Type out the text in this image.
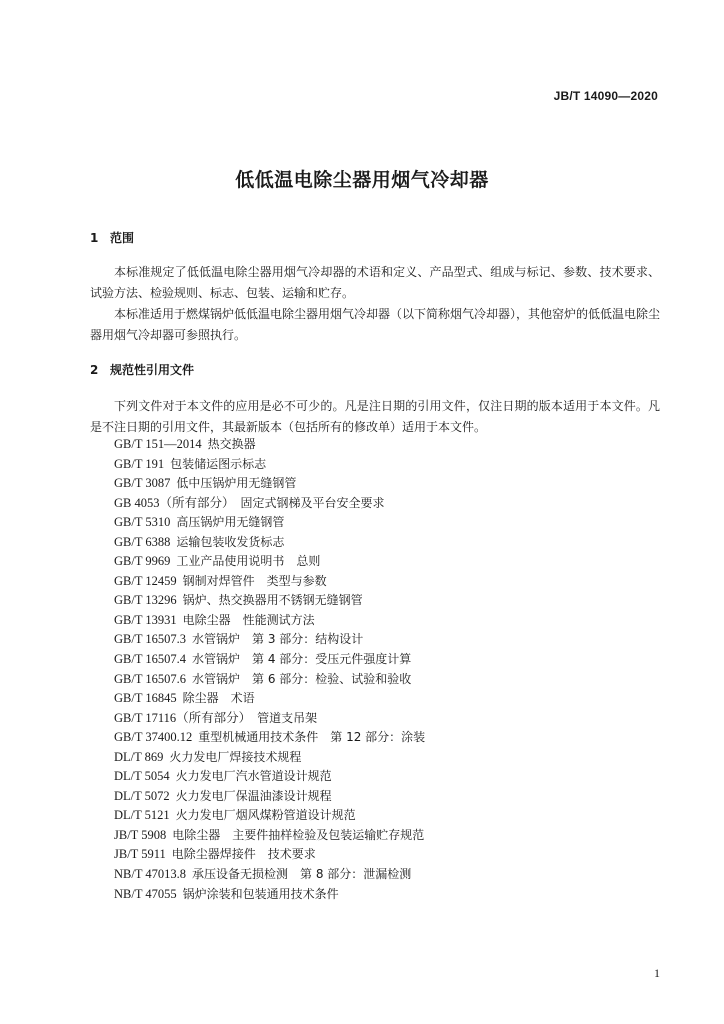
JB/T 14090—2020
低低温电除尘器用烟气冷却器
1 范围

本标准规定了低低温电除尘器用烟气冷却器的术语和定义、产品型式、组成与标记、参数、技术要求、试验方法、检验规则、标志、包装、运输和贮存。

本标准适用于燃煤锅炉低低温电除尘器用烟气冷却器（以下简称烟气冷却器），其他窑炉的低低温电除尘器用烟气冷却器可参照执行。

2 规范性引用文件

下列文件对于本文件的应用是必不可少的。凡是注日期的引用文件，仅注日期的版本适用于本文件。凡是不注日期的引用文件，其最新版本（包括所有的修改单）适用于本文件。

GB/T 151—2014 热交换器
GB/T 191 包装储运图示标志
GB/T 3087 低中压锅炉用无缝钢管
GB 4053（所有部分） 固定式钢梯及平台安全要求
GB/T 5310 高压锅炉用无缝钢管
GB/T 6388 运输包装收发货标志
GB/T 9969 工业产品使用说明书　总则
GB/T 12459 钢制对焊管件　类型与参数
GB/T 13296 锅炉、热交换器用不锈钢无缝钢管
GB/T 13931 电除尘器　性能测试方法
GB/T 16507.3 水管锅炉　第 3 部分：结构设计
GB/T 16507.4 水管锅炉　第 4 部分：受压元件强度计算
GB/T 16507.6 水管锅炉　第 6 部分：检验、试验和验收
GB/T 16845 除尘器　术语
GB/T 17116（所有部分） 管道支吊架
GB/T 37400.12 重型机械通用技术条件　第 12 部分：涂装
DL/T 869 火力发电厂焊接技术规程
DL/T 5054 火力发电厂汽水管道设计规范
DL/T 5072 火力发电厂保温油漆设计规程
DL/T 5121 火力发电厂烟风煤粉管道设计规范
JB/T 5908 电除尘器　主要件抽样检验及包装运输贮存规范
JB/T 5911 电除尘器焊接件　技术要求
NB/T 47013.8 承压设备无损检测　第 8 部分：泄漏检测
NB/T 47055 锅炉涂装和包装通用技术条件
1
